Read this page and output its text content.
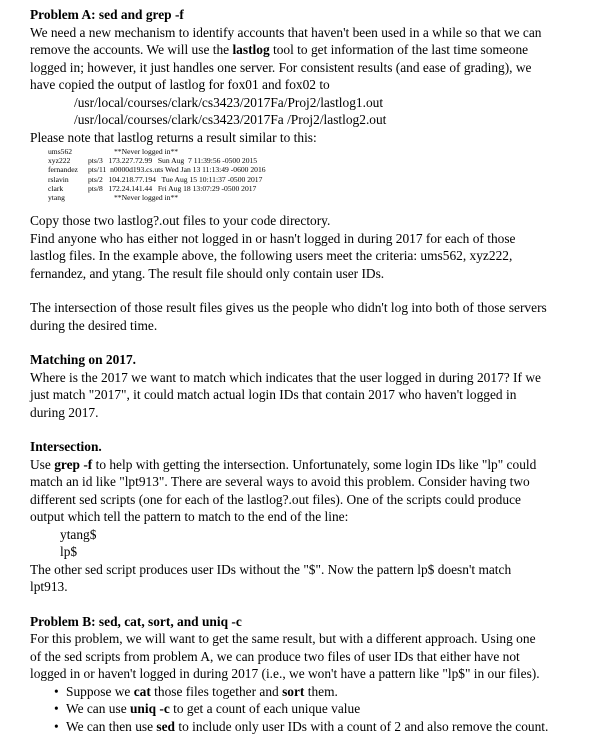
Problem A: sed and grep -f

We need a new mechanism to identify accounts that haven't been used in a while so that we can

remove the accounts. We will use the lastlog tool to get information of the last time someone

logged in; however, it just handles one server. For consistent results (and ease of grading), we

have copied the output of lastlog for fox01 and fox02 to

/usr/local/courses/clark/cs3423/2017Fa/Proj2/lastlog1.out

/usr/local/courses/clark/cs3423/2017Fa /Proj2/lastlog2.out

Please note that lastlog returns a result similar to this:

ums562	**Never logged in**
xyz222 pts/3   173.227.72.99   Sun Aug  7 11:39:56 -0500 2015
fernandez pts/11  n0000d193.cs.uts Wed Jan 13 11:13:49 -0600 2016
rslavin	pts/2   104.218.77.194   Tue Aug 15 10:11:37 -0500 2017
clark	pts/8   172.24.141.44   Fri Aug 18 13:07:29 -0500 2017
ytang	**Never logged in**

Copy those two lastlog?.out files to your code directory.

Find anyone who has either not logged in or hasn't logged in during 2017 for each of those

lastlog files. In the example above, the following users meet the criteria: ums562, xyz222,

fernandez, and ytang. The result file should only contain user IDs.

The intersection of those result files gives us the people who didn't log into both of those servers

during the desired time.

Matching on 2017.

Where is the 2017 we want to match which indicates that the user logged in during 2017? If we

just match "2017", it could match actual login IDs that contain 2017 who haven't logged in

during 2017.

Intersection.

Use grep -f to help with getting the intersection. Unfortunately, some login IDs like "lp" could

match an id like "lpt913". There are several ways to avoid this problem. Consider having two

different sed scripts (one for each of the lastlog?.out files). One of the scripts could produce

output which tell the pattern to match to the end of the line:

ytang$

lp$

The other sed script produces user IDs without the "$". Now the pattern lp$ doesn't match

lpt913.

Problem B: sed, cat, sort, and uniq -c

For this problem, we will want to get the same result, but with a different approach. Using one

of the sed scripts from problem A, we can produce two files of user IDs that either have not

logged in or haven't logged in during 2017 (i.e., we won't have a pattern like "lp$" in our files).

• Suppose we cat those files together and sort them.
• We can use uniq -c to get a count of each unique value
• We can then use sed to include only user IDs with a count of 2 and also remove the count.
